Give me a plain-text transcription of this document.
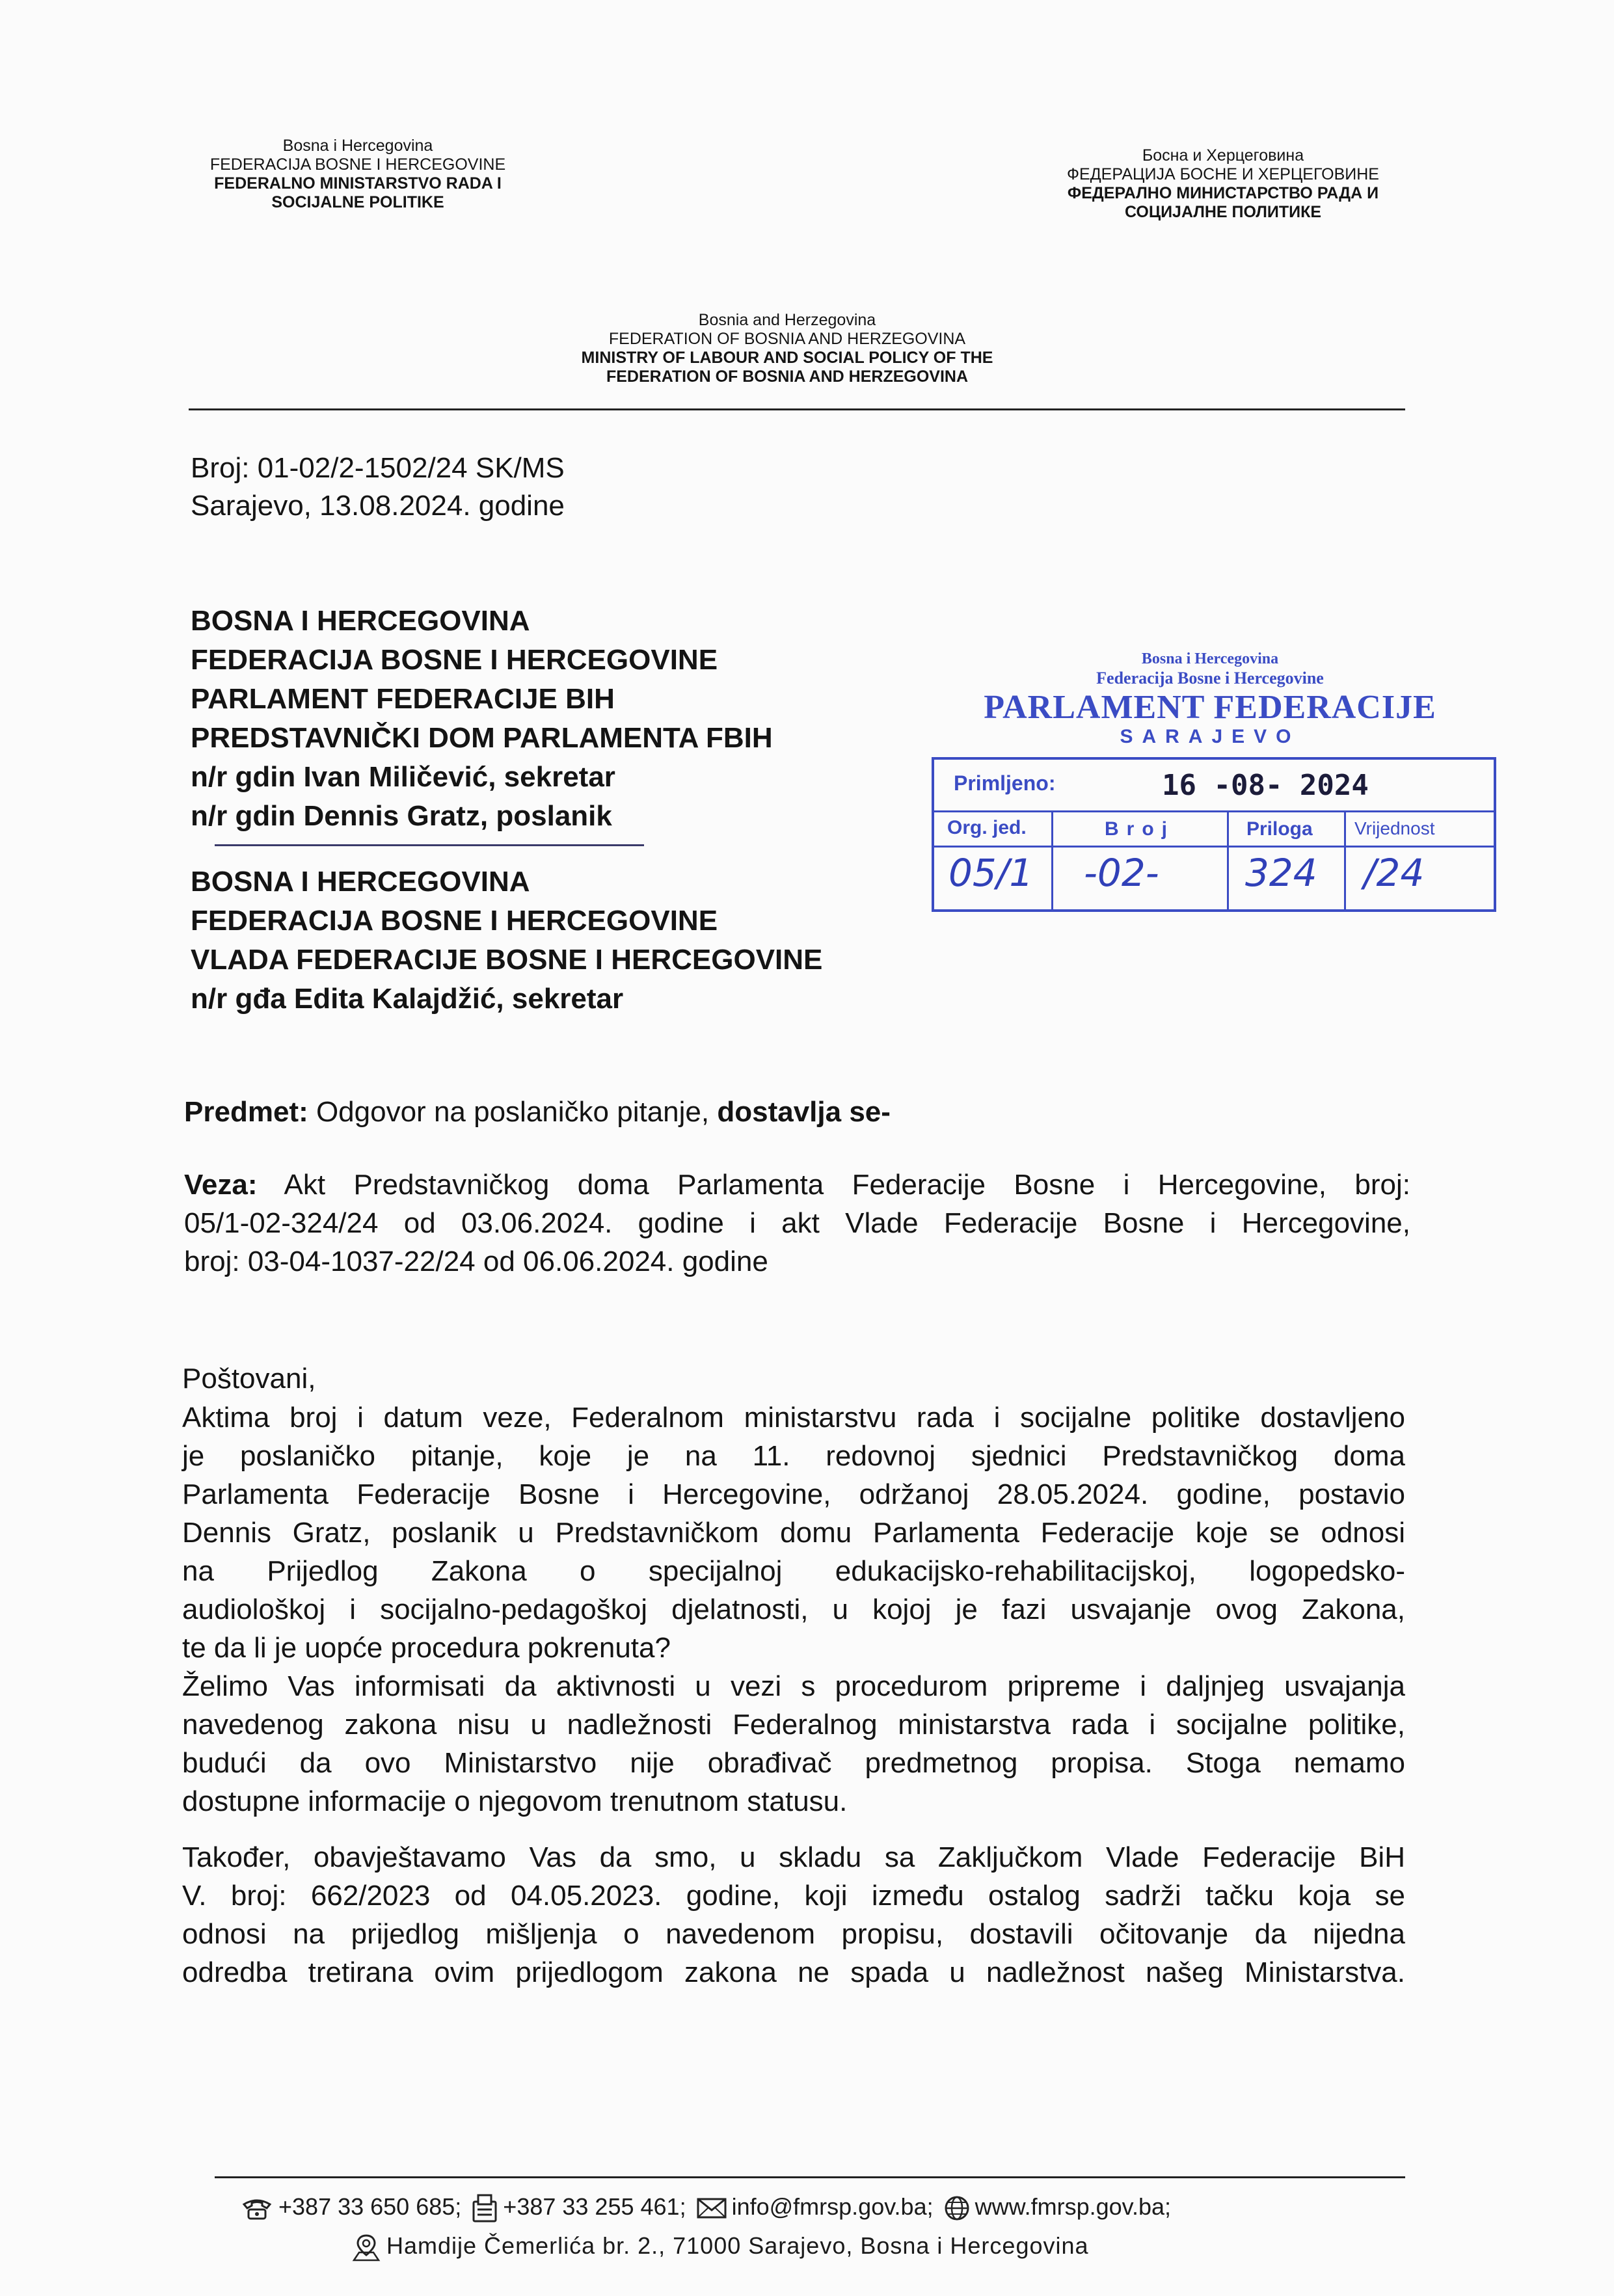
Bosna i Hercegovina
FEDERACIJA BOSNE I HERCEGOVINE
FEDERALNO MINISTARSTVO RADA I
SOCIJALNE POLITIKE
Босна и Херцеговина
ФЕДЕРАЦИЈА БОСНЕ И ХЕРЦЕГОВИНЕ
ФЕДЕРАЛНО МИНИСТАРСТВО РАДА И
СОЦИЈАЛНЕ ПОЛИТИКЕ
Bosnia and Herzegovina
FEDERATION OF BOSNIA AND HERZEGOVINA
MINISTRY OF LABOUR AND SOCIAL POLICY OF THE
FEDERATION OF BOSNIA AND HERZEGOVINA
Broj: 01-02/2-1502/24 SK/MS
Sarajevo, 13.08.2024. godine
BOSNA I HERCEGOVINA
FEDERACIJA BOSNE I HERCEGOVINE
PARLAMENT FEDERACIJE BIH
PREDSTAVNIČKI DOM PARLAMENTA FBIH
n/r gdin Ivan Miličević, sekretar
n/r gdin Dennis Gratz, poslanik
BOSNA I HERCEGOVINA
FEDERACIJA BOSNE I HERCEGOVINE
VLADA FEDERACIJE BOSNE I HERCEGOVINE
n/r gđa Edita Kalajdžić, sekretar
Bosna i Hercegovina
Federacija Bosne i Hercegovine
PARLAMENT FEDERACIJE
SARAJEVO
Primljeno:	16 -08- 2024
Org. jed.	Broj	Priloga Vrijednost
05/1 -02- 324 /24
Predmet: Odgovor na poslaničko pitanje, dostavlja se-
Veza: Akt Predstavničkog doma Parlamenta Federacije Bosne i Hercegovine, broj:
05/1-02-324/24 od 03.06.2024. godine i akt Vlade Federacije Bosne i Hercegovine,
broj: 03-04-1037-22/24 od 06.06.2024. godine
Poštovani,
Aktima broj i datum veze, Federalnom ministarstvu rada i socijalne politike dostavljeno
je poslaničko pitanje, koje je na 11. redovnoj sjednici Predstavničkog doma
Parlamenta Federacije Bosne i Hercegovine, održanoj 28.05.2024. godine, postavio
Dennis Gratz, poslanik u Predstavničkom domu Parlamenta Federacije koje se odnosi
na Prijedlog Zakona o specijalnoj edukacijsko-rehabilitacijskoj, logopedsko-
audiološkoj i socijalno-pedagoškoj djelatnosti, u kojoj je fazi usvajanje ovog Zakona,
te da li je uopće procedura pokrenuta?
Želimo Vas informisati da aktivnosti u vezi s procedurom pripreme i daljnjeg usvajanja
navedenog zakona nisu u nadležnosti Federalnog ministarstva rada i socijalne politike,
budući da ovo Ministarstvo nije obrađivač predmetnog propisa. Stoga nemamo
dostupne informacije o njegovom trenutnom statusu.
Također, obavještavamo Vas da smo, u skladu sa Zaključkom Vlade Federacije BiH
V. broj: 662/2023 od 04.05.2023. godine, koji između ostalog sadrži tačku koja se
odnosi na prijedlog mišljenja o navedenom propisu, dostavili očitovanje da nijedna
odredba tretirana ovim prijedlogom zakona ne spada u nadležnost našeg Ministarstva.
+387 33 650 685; +387 33 255 461; info@fmrsp.gov.ba; www.fmrsp.gov.ba;
Hamdije Čemerlića br. 2., 71000 Sarajevo, Bosna i Hercegovina
